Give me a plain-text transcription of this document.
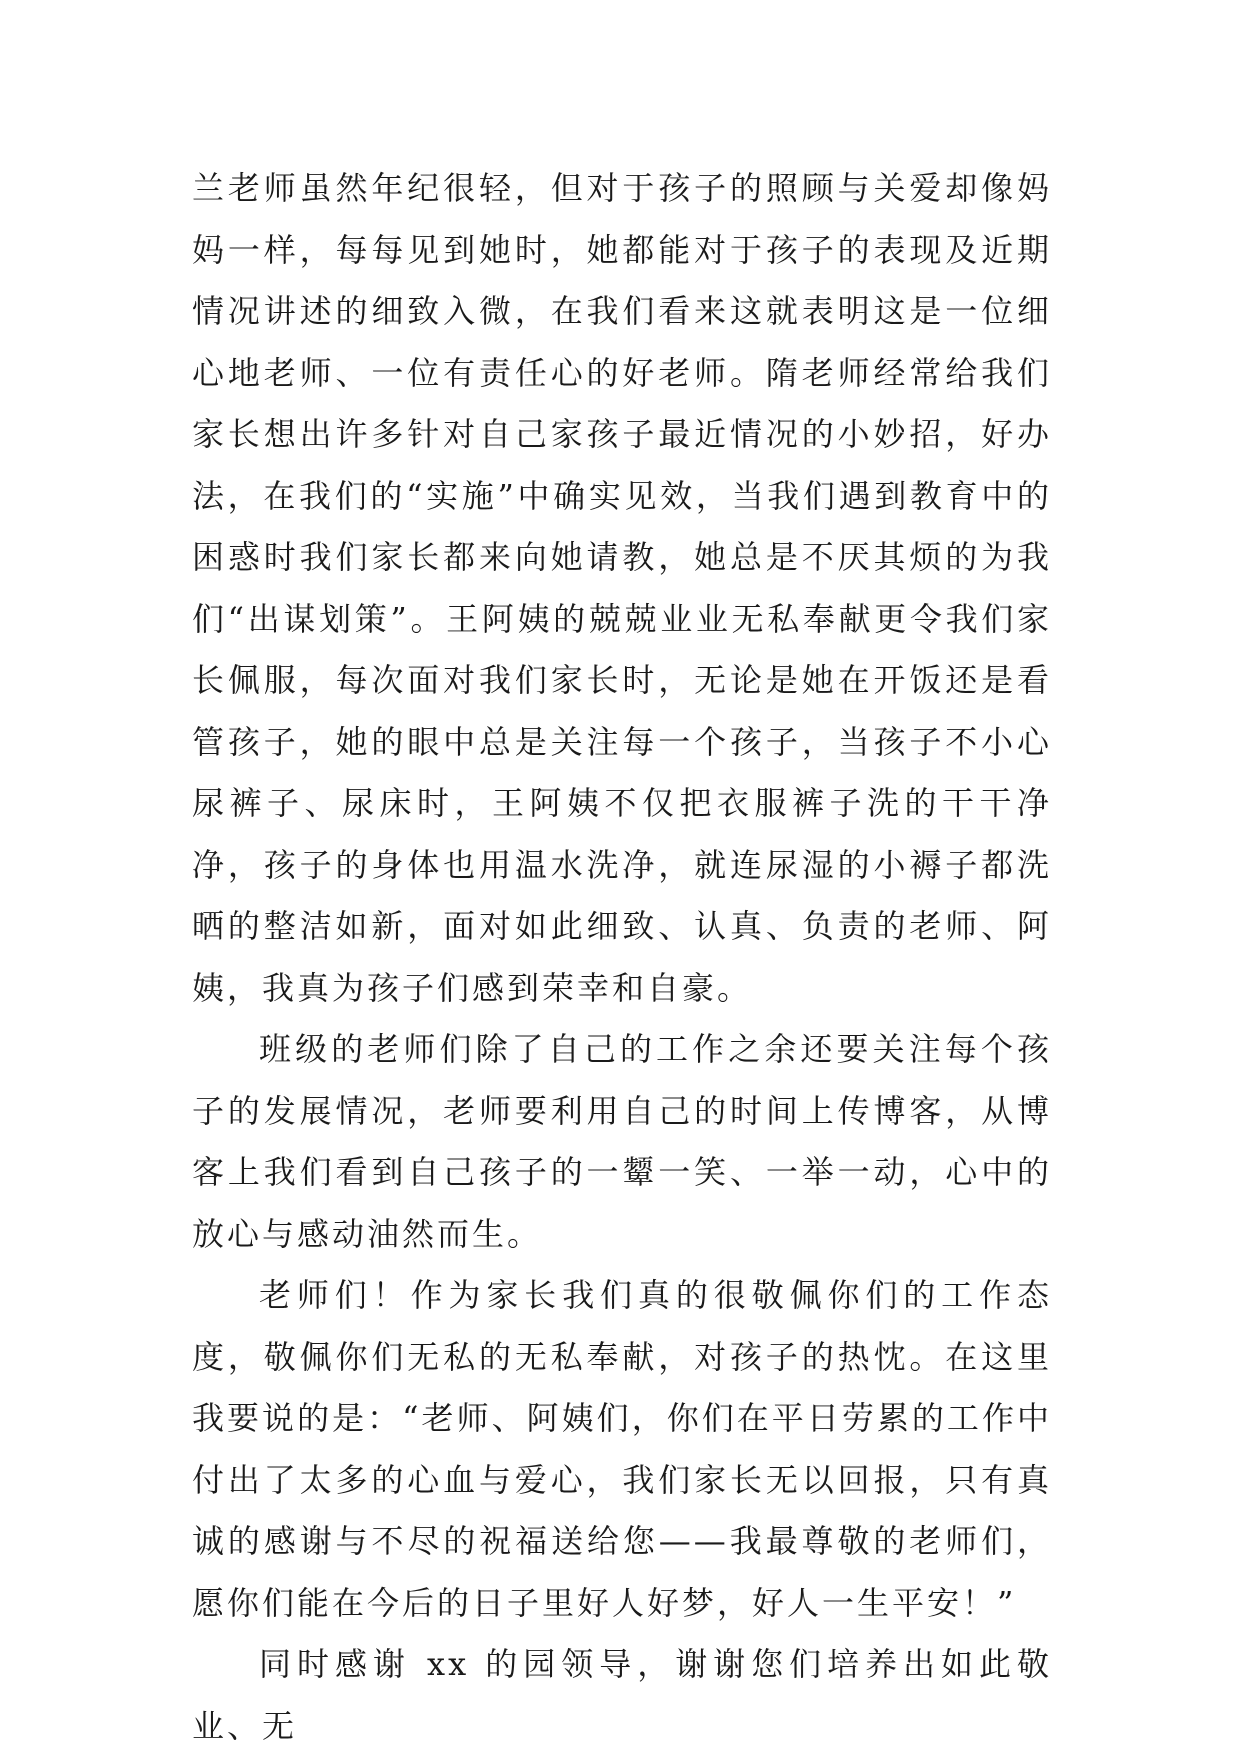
兰老师虽然年纪很轻，但对于孩子的照顾与关爱却像妈妈一样，每每见到她时，她都能对于孩子的表现及近期情况讲述的细致入微，在我们看来这就表明这是一位细心地老师、一位有责任心的好老师。隋老师经常给我们家长想出许多针对自己家孩子最近情况的小妙招，好办法，在我们的“实施”中确实见效，当我们遇到教育中的困惑时我们家长都来向她请教，她总是不厌其烦的为我们“出谋划策”。王阿姨的兢兢业业无私奉献更令我们家长佩服，每次面对我们家长时，无论是她在开饭还是看管孩子，她的眼中总是关注每一个孩子，当孩子不小心尿裤子、尿床时，王阿姨不仅把衣服裤子洗的干干净净，孩子的身体也用温水洗净，就连尿湿的小褥子都洗晒的整洁如新，面对如此细致、认真、负责的老师、阿姨，我真为孩子们感到荣幸和自豪。

班级的老师们除了自己的工作之余还要关注每个孩子的发展情况，老师要利用自己的时间上传博客，从博客上我们看到自己孩子的一颦一笑、一举一动，心中的放心与感动油然而生。

老师们！作为家长我们真的很敬佩你们的工作态度，敬佩你们无私的无私奉献，对孩子的热忱。在这里我要说的是：“老师、阿姨们，你们在平日劳累的工作中付出了太多的心血与爱心，我们家长无以回报，只有真诚的感谢与不尽的祝福送给您——我最尊敬的老师们，愿你们能在今后的日子里好人好梦，好人一生平安！”

同时感谢 xx 的园领导，谢谢您们培养出如此敬业、无
